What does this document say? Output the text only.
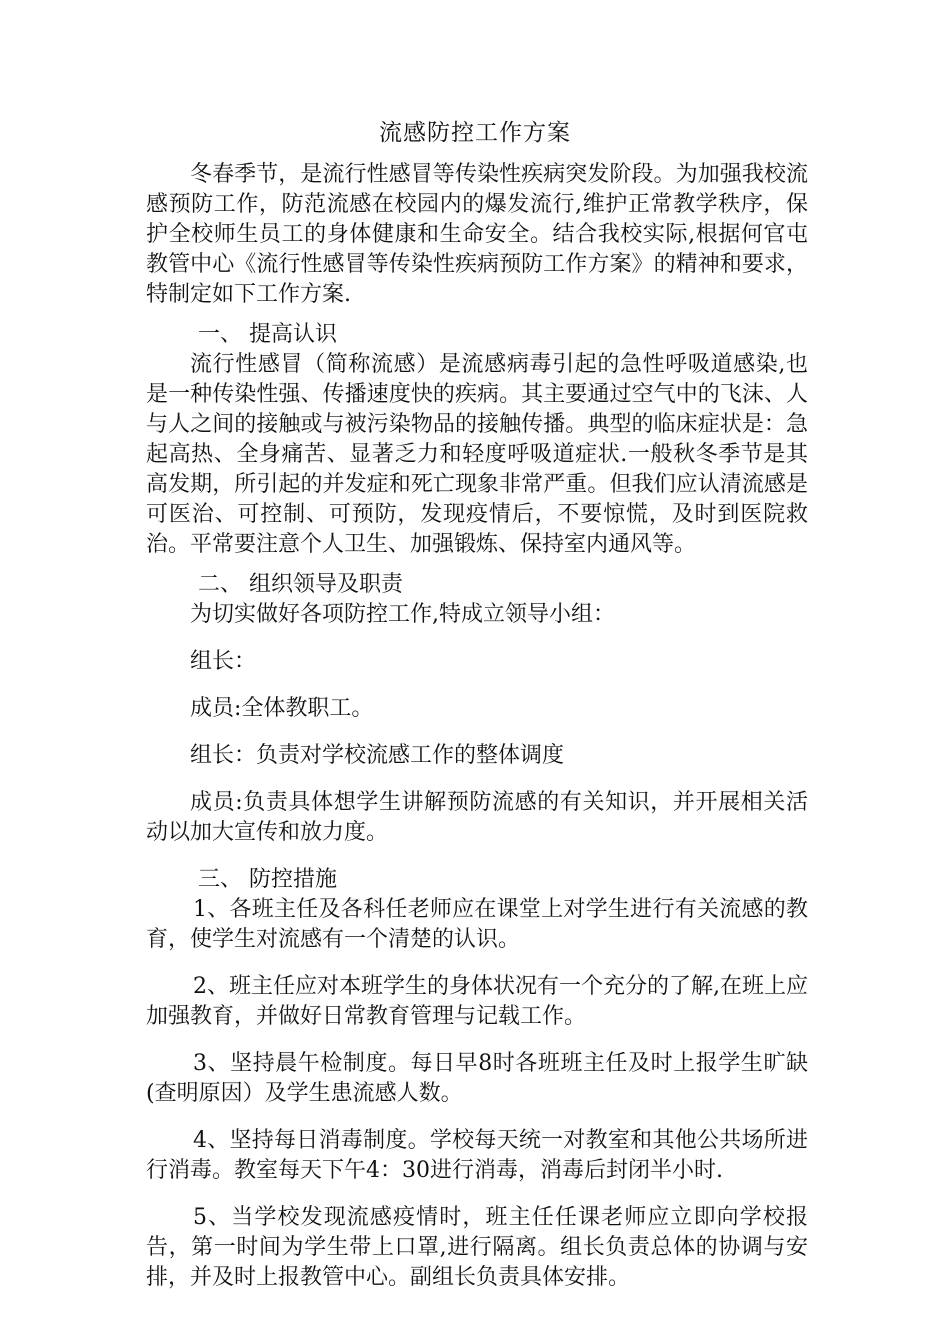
流感防控工作方案

冬春季节，是流行性感冒等传染性疾病突发阶段。为加强我校流感预防工作，防范流感在校园内的爆发流行,维护正常教学秩序，保护全校师生员工的身体健康和生命安全。结合我校实际,根据何官屯教管中心《流行性感冒等传染性疾病预防工作方案》的精神和要求，特制定如下工作方案.

一、 提高认识

流行性感冒（简称流感）是流感病毒引起的急性呼吸道感染,也是一种传染性强、传播速度快的疾病。其主要通过空气中的飞沫、人与人之间的接触或与被污染物品的接触传播。典型的临床症状是：急起高热、全身痛苦、显著乏力和轻度呼吸道症状.一般秋冬季节是其高发期，所引起的并发症和死亡现象非常严重。但我们应认清流感是可医治、可控制、可预防，发现疫情后，不要惊慌，及时到医院救治。平常要注意个人卫生、加强锻炼、保持室内通风等。

二、 组织领导及职责

为切实做好各项防控工作,特成立领导小组：

组长：

成员:全体教职工。

组长：负责对学校流感工作的整体调度

成员:负责具体想学生讲解预防流感的有关知识，并开展相关活动以加大宣传和放力度。

三、 防控措施

1、各班主任及各科任老师应在课堂上对学生进行有关流感的教育，使学生对流感有一个清楚的认识。

2、班主任应对本班学生的身体状况有一个充分的了解,在班上应加强教育，并做好日常教育管理与记载工作。

3、坚持晨午检制度。每日早8时各班班主任及时上报学生旷缺(查明原因）及学生患流感人数。

4、坚持每日消毒制度。学校每天统一对教室和其他公共场所进行消毒。教室每天下午4：30进行消毒，消毒后封闭半小时.

5、当学校发现流感疫情时，班主任任课老师应立即向学校报告，第一时间为学生带上口罩,进行隔离。组长负责总体的协调与安排，并及时上报教管中心。副组长负责具体安排。
